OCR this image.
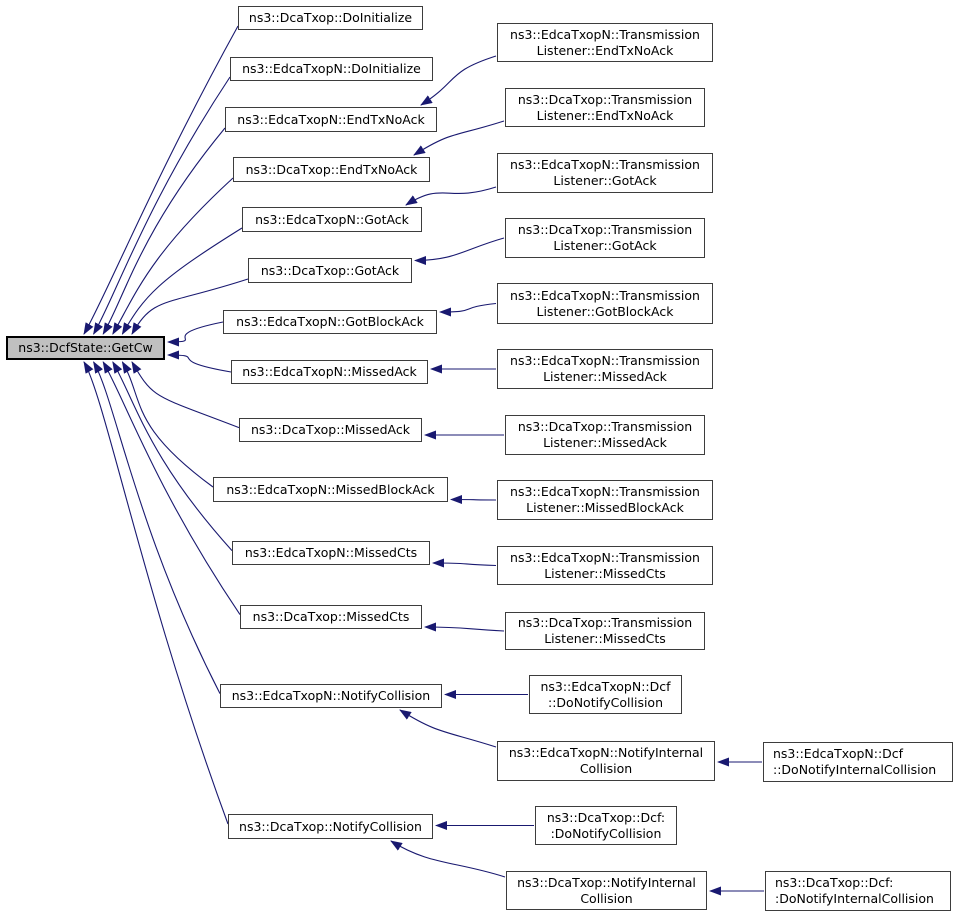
ns3::DcfState::GetCw
ns3::DcaTxop::DoInitialize
ns3::EdcaTxopN::DoInitialize
ns3::EdcaTxopN::EndTxNoAck
ns3::DcaTxop::EndTxNoAck
ns3::EdcaTxopN::GotAck
ns3::DcaTxop::GotAck
ns3::EdcaTxopN::GotBlockAck
ns3::EdcaTxopN::MissedAck
ns3::DcaTxop::MissedAck
ns3::EdcaTxopN::MissedBlockAck
ns3::EdcaTxopN::MissedCts
ns3::DcaTxop::MissedCts
ns3::EdcaTxopN::NotifyCollision
ns3::DcaTxop::NotifyCollision
ns3::EdcaTxopN::Transmission
Listener::EndTxNoAck
ns3::DcaTxop::Transmission
Listener::EndTxNoAck
ns3::EdcaTxopN::Transmission
Listener::GotAck
ns3::DcaTxop::Transmission
Listener::GotAck
ns3::EdcaTxopN::Transmission
Listener::GotBlockAck
ns3::EdcaTxopN::Transmission
Listener::MissedAck
ns3::DcaTxop::Transmission
Listener::MissedAck
ns3::EdcaTxopN::Transmission
Listener::MissedBlockAck
ns3::EdcaTxopN::Transmission
Listener::MissedCts
ns3::DcaTxop::Transmission
Listener::MissedCts
ns3::EdcaTxopN::Dcf
::DoNotifyCollision
ns3::EdcaTxopN::NotifyInternal
Collision
ns3::DcaTxop::Dcf:
:DoNotifyCollision
ns3::DcaTxop::NotifyInternal
Collision
ns3::EdcaTxopN::Dcf
::DoNotifyInternalCollision
ns3::DcaTxop::Dcf:
:DoNotifyInternalCollision
